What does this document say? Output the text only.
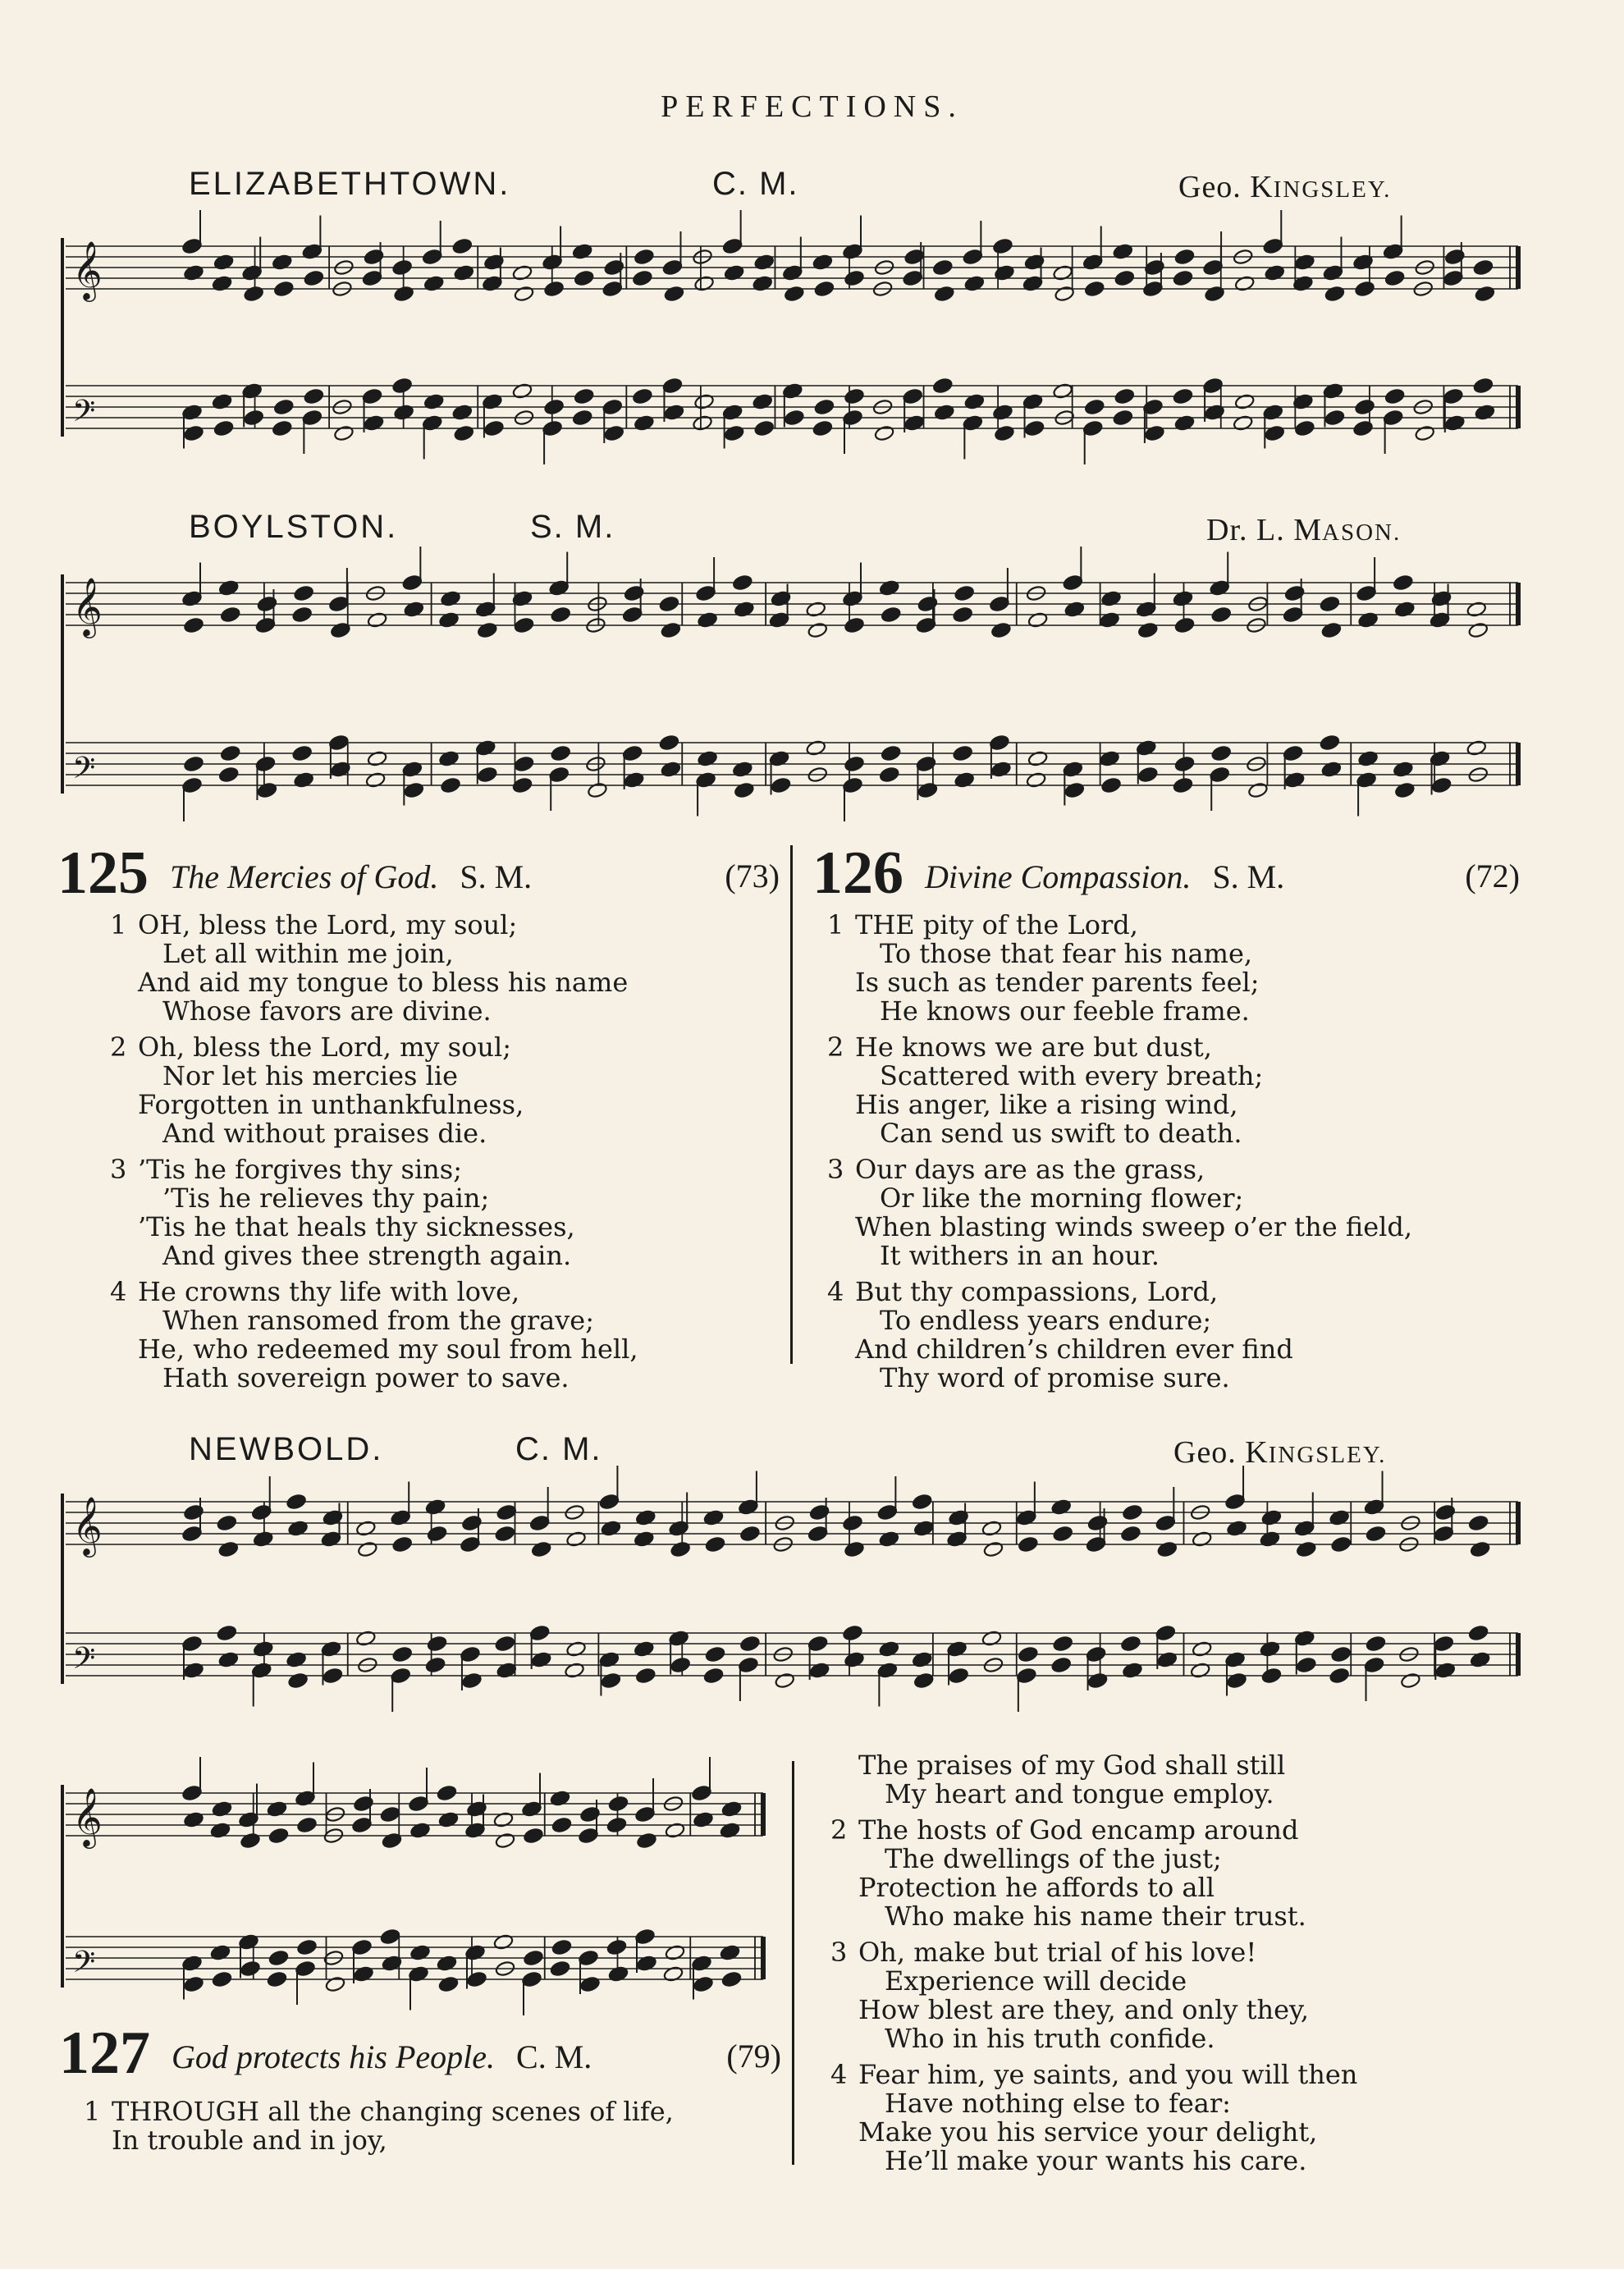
PERFECTIONS.
ELIZABETHTOWN.	C. M.	Geo. KINGSLEY.
𝄞
𝄢
BOYLSTON.	S. M.	Dr. L. MASON.
𝄞
𝄢
125 The Mercies of God. S. M.	(73)
1 OH, bless the Lord, my soul;
Let all within me join,
And aid my tongue to bless his name
Whose favors are divine.
2 Oh, bless the Lord, my soul;
Nor let his mercies lie
Forgotten in unthankfulness,
And without praises die.
3 ’Tis he forgives thy sins;
’Tis he relieves thy pain;
’Tis he that heals thy sicknesses,
And gives thee strength again.
4 He crowns thy life with love,
When ransomed from the grave;
He, who redeemed my soul from hell,
Hath sovereign power to save.
126 Divine Compassion. S. M.	(72)
1 THE pity of the Lord,
To those that fear his name,
Is such as tender parents feel;
He knows our feeble frame.
2 He knows we are but dust,
Scattered with every breath;
His anger, like a rising wind,
Can send us swift to death.
3 Our days are as the grass,
Or like the morning flower;
When blasting winds sweep o’er the field,
It withers in an hour.
4 But thy compassions, Lord,
To endless years endure;
And children’s children ever find
Thy word of promise sure.
NEWBOLD.	C. M.	Geo. KINGSLEY.
𝄞
𝄢
𝄞
𝄢
127 God protects his People. C. M.	(79)
1 THROUGH all the changing scenes of life,
In trouble and in joy,
The praises of my God shall still
My heart and tongue employ.
2 The hosts of God encamp around
The dwellings of the just;
Protection he affords to all
Who make his name their trust.
3 Oh, make but trial of his love!
Experience will decide
How blest are they, and only they,
Who in his truth confide.
4 Fear him, ye saints, and you will then
Have nothing else to fear:
Make you his service your delight,
He’ll make your wants his care.
